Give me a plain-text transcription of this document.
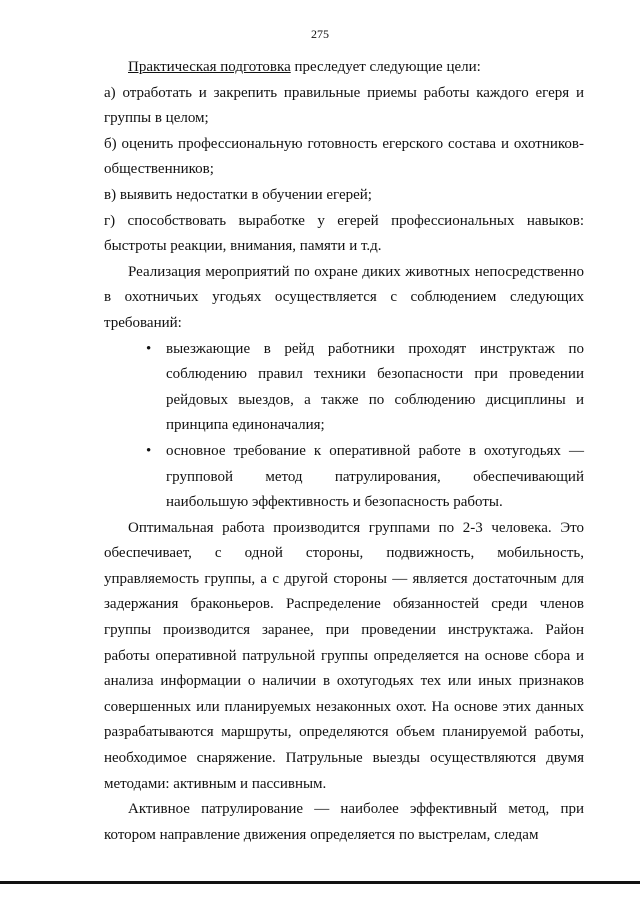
275

Практическая подготовка преследует следующие цели:

а) отработать и закрепить правильные приемы работы каждого егеря и группы в целом;

б) оценить профессиональную готовность егерского состава и охотников-общественников;

в) выявить недостатки в обучении егерей;

г) способствовать выработке у егерей профессиональных навыков: быстроты реакции, внимания, памяти и т.д.

Реализация мероприятий по охране диких животных непосредственно в охотничьих угодьях осуществляется с соблюдением следующих требований:

• выезжающие в рейд работники проходят инструктаж по соблюдению правил техники безопасности при проведении рейдовых выездов, а также по соблюдению дисциплины и принципа единоначалия;
• основное требование к оперативной работе в охотугодьях — групповой метод патрулирования, обеспечивающий наибольшую эффективность и безопасность работы.

Оптимальная работа производится группами по 2-3 человека. Это обеспечивает, с одной стороны, подвижность, мобильность, управляемость группы, а с другой стороны — является достаточным для задержания браконьеров. Распределение обязанностей среди членов группы производится заранее, при проведении инструктажа. Район работы оперативной патрульной группы определяется на основе сбора и анализа информации о наличии в охотугодьях тех или иных признаков совершенных или планируемых незаконных охот. На основе этих данных разрабатываются маршруты, определяются объем планируемой работы, необходимое снаряжение. Патрульные выезды осуществляются двумя методами: активным и пассивным.

Активное патрулирование — наиболее эффективный метод, при котором направление движения определяется по выстрелам, следам
